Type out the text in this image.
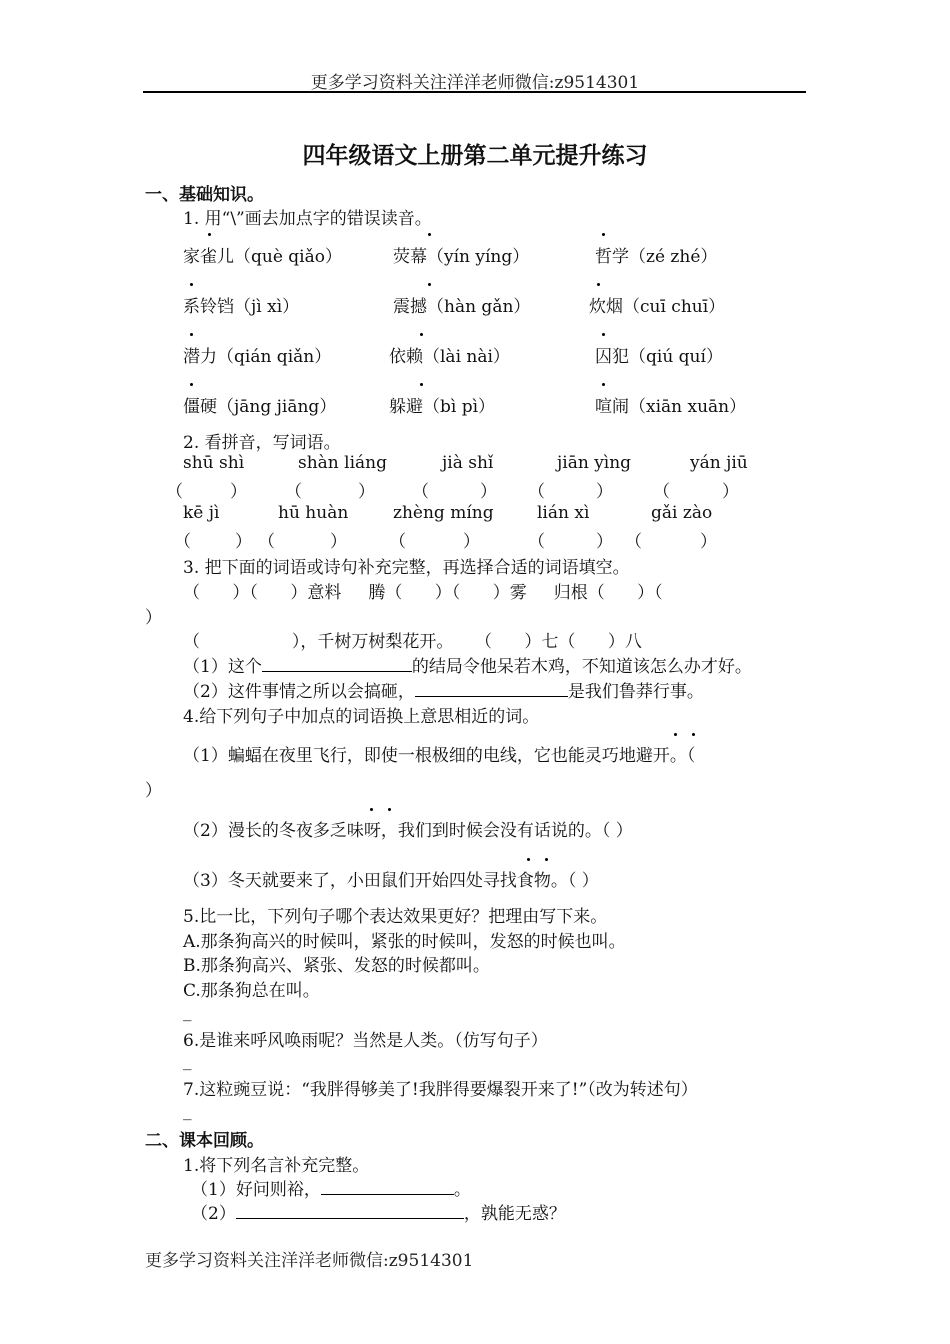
更多学习资料关注洋洋老师微信:z9514301
四年级语文上册第二单元提升练习
一、基础知识。
1. 用“\”画去加点字的错误读音。
家雀儿（què qiǎo）	荧幕（yín yíng）	哲学（zé zhé）
系铃铛（jì xì）	震撼（hàn gǎn）	炊烟（cuī chuī）
潜力（qián qiǎn）	依赖（lài nài）	囚犯（qiú quí）
僵硬（jāng jiāng）	躲避（bì pì）	喧闹（xiān xuān）
2. 看拼音，写词语。
shū shì	shàn liáng	jià shǐ	jiān yìng	yán jiū
（	） （	） （	） （	） （	）
kē jì	hū huàn	zhèng míng	lián xì	gǎi zào
（	） （	） （	）	（	） （	）
3. 把下面的词语或诗句补充完整，再选择合适的词语填空。
（      ）（      ）意料     腾（      ）（      ）雾     归根（      ）（
）
（                 ），千树万树梨花开。    （      ）七（      ）八
（1）这个	的结局令他呆若木鸡，不知道该怎么办才好。
（2）这件事情之所以会搞砸，	是我们鲁莽行事。
4.给下列句子中加点的词语换上意思相近的词。
（1）蝙蝠在夜里飞行，即使一根极细的电线，它也能灵巧地避开。（
）
（2）漫长的冬夜多乏味呀，我们到时候会没有话说的。（ ）
（3）冬天就要来了，小田鼠们开始四处寻找食物。（ ）
5.比一比，下列句子哪个表达效果更好？把理由写下来。
A.那条狗高兴的时候叫，紧张的时候叫，发怒的时候也叫。
B.那条狗高兴、紧张、发怒的时候都叫。
C.那条狗总在叫。
_
6.是谁来呼风唤雨呢？当然是人类。（仿写句子）
_
7.这粒豌豆说：“我胖得够美了!我胖得要爆裂开来了!”（改为转述句）
_
二、课本回顾。
1.将下列名言补充完整。
（1）好问则裕，	。
（2）	，孰能无惑？
更多学习资料关注洋洋老师微信:z9514301
